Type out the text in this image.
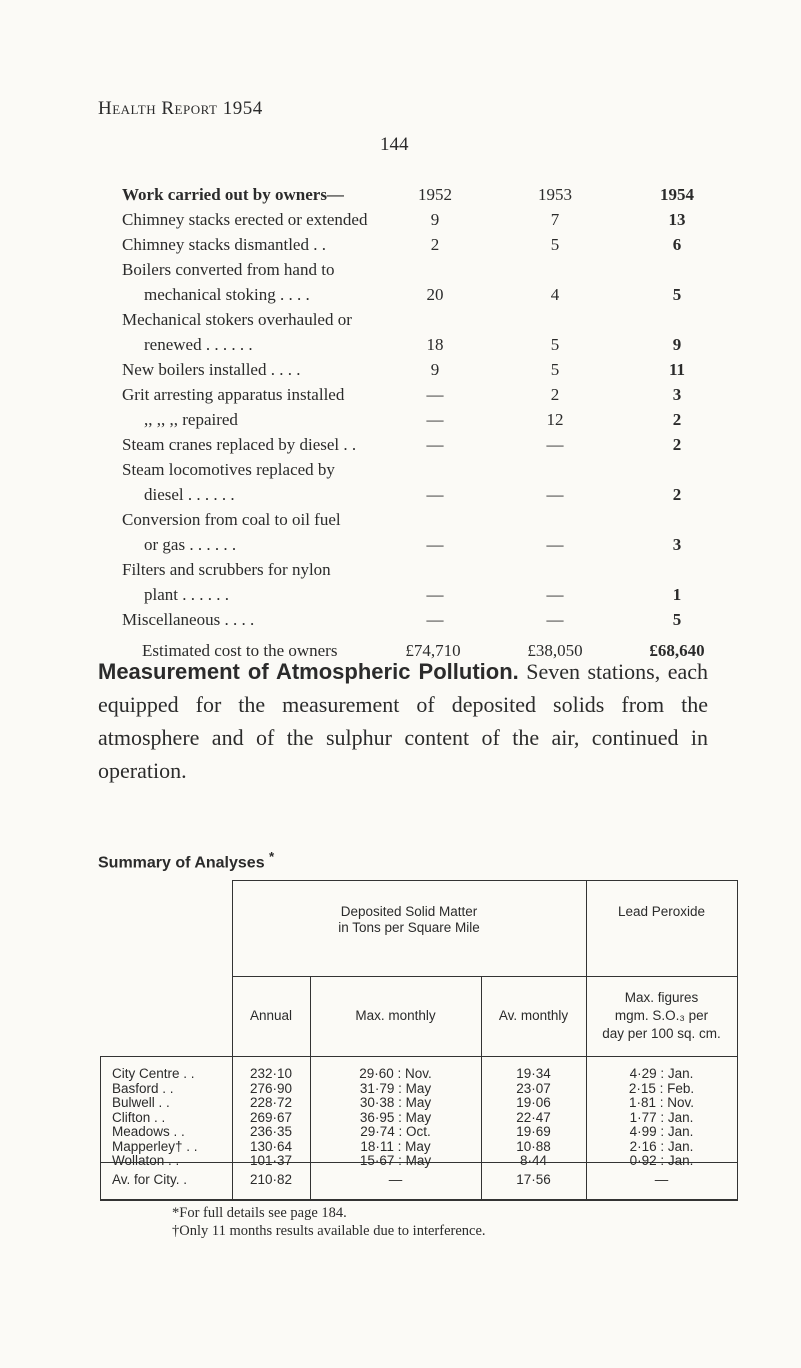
Health Report 1954
144
Work carried out by owners—	1952	1953	1954
Chimney stacks erected or extended	9	7	13
Chimney stacks dismantled . .	2	5	6
Boilers converted from hand to
mechanical stoking . . . .	20	4	5
Mechanical stokers overhauled or
renewed . . . . . .	18	5	9
New boilers installed . . . .	9	5	11
Grit arresting apparatus installed	—	2	3
,, ,, ,, repaired	—	12	2
Steam cranes replaced by diesel . .	—	—	2
Steam locomotives replaced by
diesel . . . . . .	—	—	2
Conversion from coal to oil fuel
or gas . . . . . .	—	—	3
Filters and scrubbers for nylon
plant . . . . . .	—	—	1
Miscellaneous . . . .	—	—	5
Estimated cost to the owners	£74,710	£38,050	£68,640
Measurement of Atmospheric Pollution. Seven stations, each equipped for the measurement of deposited solids from the atmosphere and of the sulphur content of the air, continued in operation.
Summary of Analyses *
Deposited Solid Matter
in Tons per Square Mile
Lead Peroxide
Annual	Max. monthly	Av. monthly
Max. figures
mgm. S.O.₃ per
day per 100 sq. cm.
City Centre . .	232·10	29·60 : Nov.	19·34	4·29 : Jan.
Basford . .	276·90	31·79 : May	23·07	2·15 : Feb.
Bulwell . .	228·72	30·38 : May	19·06	1·81 : Nov.
Clifton . .	269·67	36·95 : May	22·47	1·77 : Jan.
Meadows . .	236·35	29·74 : Oct.	19·69	4·99 : Jan.
Mapperley† . .	130·64	18·11 : May	10·88	2·16 : Jan.
Wollaton . .	101·37	15·67 : May	8·44	0·92 : Jan.
Av. for City. .	210·82	—	17·56	—
*For full details see page 184.
†Only 11 months results available due to interference.
